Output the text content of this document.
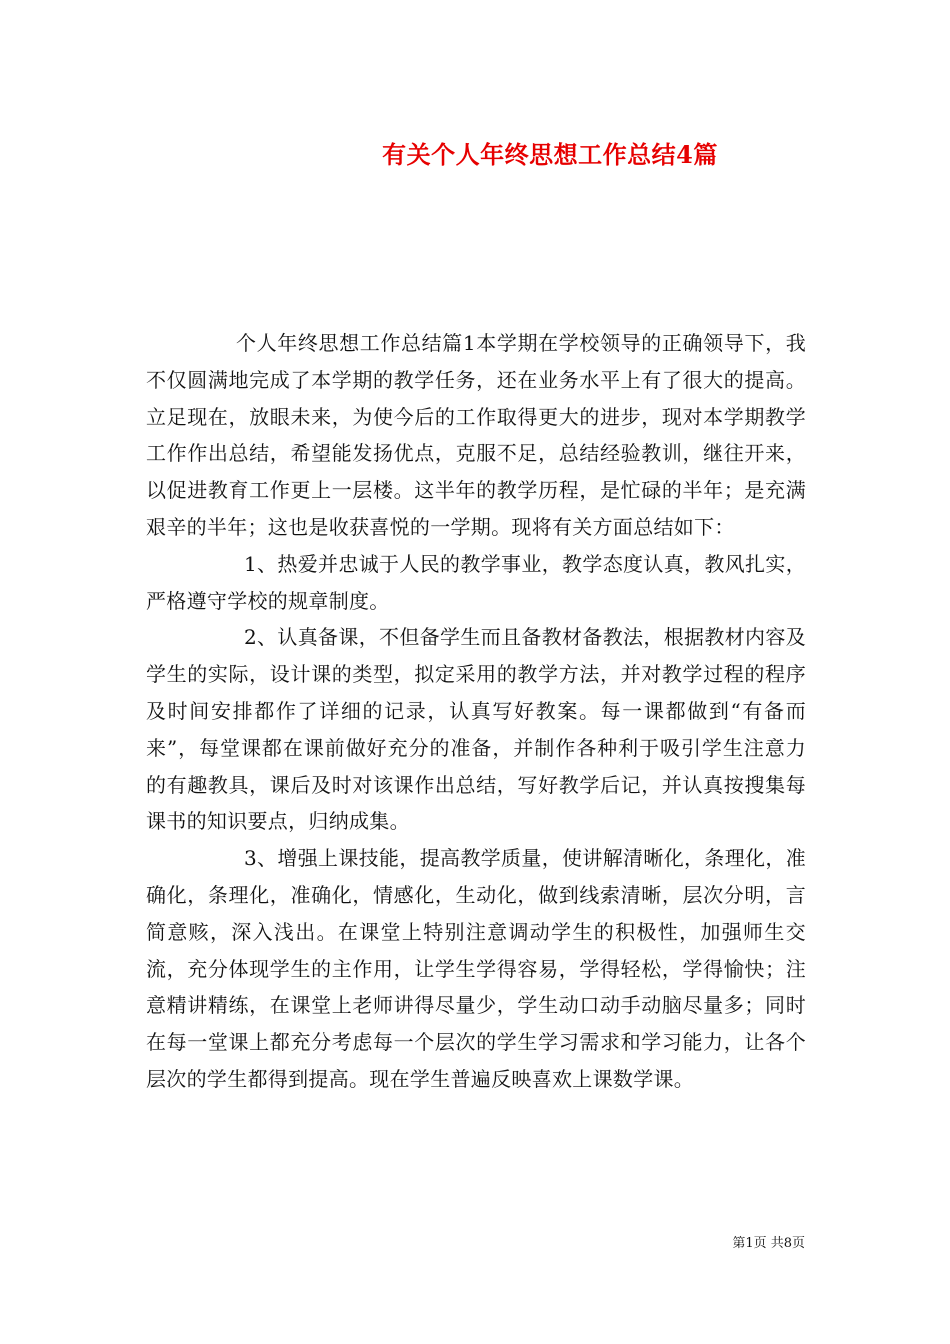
有关个人年终思想工作总结4篇

个人年终思想工作总结篇1本学期在学校领导的正确领导下，我不仅圆满地完成了本学期的教学任务，还在业务水平上有了很大的提高。立足现在，放眼未来，为使今后的工作取得更大的进步，现对本学期教学工作作出总结，希望能发扬优点，克服不足，总结经验教训，继往开来，以促进教育工作更上一层楼。这半年的教学历程，是忙碌的半年；是充满艰辛的半年；这也是收获喜悦的一学期。现将有关方面总结如下：

1、热爱并忠诚于人民的教学事业，教学态度认真，教风扎实，严格遵守学校的规章制度。

2、认真备课，不但备学生而且备教材备教法，根据教材内容及学生的实际，设计课的类型，拟定采用的教学方法，并对教学过程的程序及时间安排都作了详细的记录，认真写好教案。每一课都做到“有备而来”，每堂课都在课前做好充分的准备，并制作各种利于吸引学生注意力的有趣教具，课后及时对该课作出总结，写好教学后记，并认真按搜集每课书的知识要点，归纳成集。

3、增强上课技能，提高教学质量，使讲解清晰化，条理化，准确化，条理化，准确化，情感化，生动化，做到线索清晰，层次分明，言简意赅，深入浅出。在课堂上特别注意调动学生的积极性，加强师生交流，充分体现学生的主作用，让学生学得容易，学得轻松，学得愉快；注意精讲精练，在课堂上老师讲得尽量少，学生动口动手动脑尽量多；同时在每一堂课上都充分考虑每一个层次的学生学习需求和学习能力，让各个层次的学生都得到提高。现在学生普遍反映喜欢上课数学课。

第1页 共8页
